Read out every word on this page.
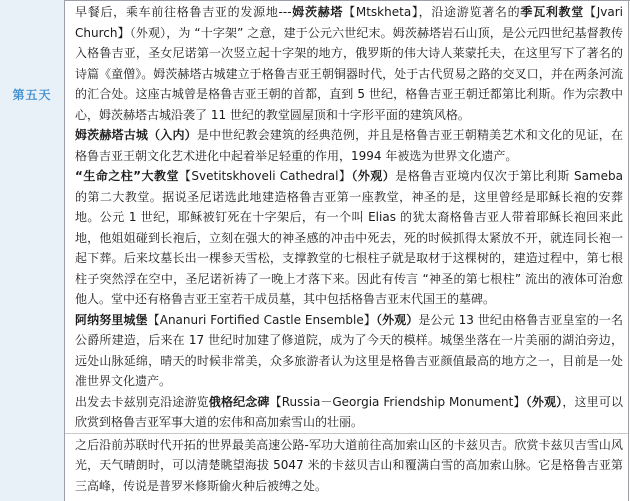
第五天

早餐后，乘车前往格鲁吉亚的发源地---姆茨赫塔【Mtskheta】，沿途游览著名的季瓦利教堂【Jvari Church】（外观），为 “十字架” 之意，建于公元六世纪末。姆茨赫塔岩石山顶，是公元四世纪基督教传入格鲁吉亚，圣女尼诺第一次竖立起十字架的地方，俄罗斯的伟大诗人莱蒙托夫，在这里写下了著名的诗篇《童僧》。姆茨赫塔古城建立于格鲁吉亚王朝铜器时代，处于古代贸易之路的交叉口，并在两条河流的汇合处。这座古城曾是格鲁吉亚王朝的首都，直到 5 世纪，格鲁吉亚王朝迁都第比利斯。作为宗教中心，姆茨赫塔古城沿袭了 11 世纪的教堂圆屋顶和十字形平面的建筑风格。

姆茨赫塔古城（入内）是中世纪教会建筑的经典范例，并且是格鲁吉亚王朝精美艺术和文化的见证，在格鲁吉亚王朝文化艺术进化中起着举足轻重的作用，1994 年被选为世界文化遗产。

“生命之柱”大教堂【Svetitskhoveli Cathedral】（外观）是格鲁吉亚境内仅次于第比利斯 Sameba 的第二大教堂。据说圣尼诺选此地建造格鲁吉亚第一座教堂，神圣的是，这里曾经是耶稣长袍的安葬地。公元 1 世纪，耶稣被钉死在十字架后，有一个叫 Elias 的犹太裔格鲁吉亚人带着耶稣长袍回来此地，他姐姐碰到长袍后，立刻在强大的神圣感的冲击中死去，死的时候抓得太紧放不开，就连同长袍一起下葬。后来坟墓长出一棵参天雪松，支撑教堂的七根柱子就是取材于这棵树的，建造过程中，第七根柱子突然浮在空中，圣尼诺祈祷了一晚上才落下来。因此有传言 “神圣的第七根柱” 流出的液体可治愈他人。堂中还有格鲁吉亚王室若干成员墓，其中包括格鲁吉亚末代国王的墓碑。

阿纳努里城堡【Ananuri Fortified Castle Ensemble】（外观）是公元 13 世纪由格鲁吉亚皇室的一名公爵所建造，后来在 17 世纪时加建了修道院，成为了今天的模样。城堡坐落在一片美丽的湖泊旁边，远处山脉延绵，晴天的时候非常美，众多旅游者认为这里是格鲁吉亚颜值最高的地方之一，目前是一处准世界文化遗产。

出发去卡兹别克沿途游览俄格纪念碑【Russia－Georgia Friendship Monument】（外观），这里可以欣赏到格鲁吉亚军事大道的宏伟和高加索雪山的壮丽。

之后沿前苏联时代开拓的世界最美高速公路-军功大道前往高加索山区的卡兹贝吉。欣赏卡兹贝吉雪山风光，天气晴朗时，可以清楚眺望海拔 5047 米的卡兹贝吉山和覆满白雪的高加索山脉。它是格鲁吉亚第三高峰，传说是普罗米修斯偷火种后被缚之处。
